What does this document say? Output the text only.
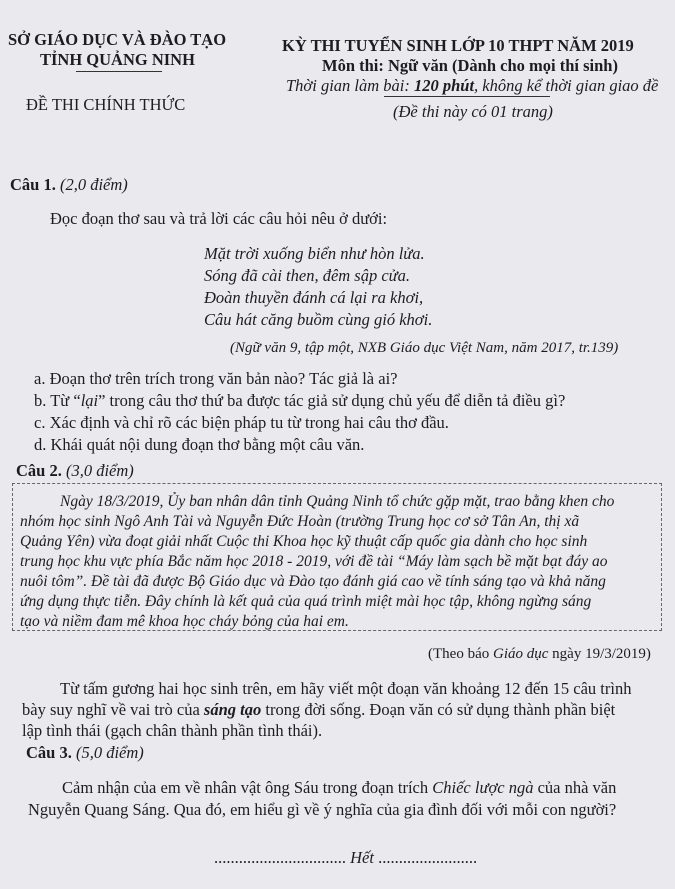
SỞ GIÁO DỤC VÀ ĐÀO TẠO
TỈNH QUẢNG NINH
ĐỀ THI CHÍNH THỨC
KỲ THI TUYỂN SINH LỚP 10 THPT NĂM 2019
Môn thi: Ngữ văn (Dành cho mọi thí sinh)
Thời gian làm bài: 120 phút, không kể thời gian giao đề
(Đề thi này có 01 trang)
Câu 1. (2,0 điểm)
Đọc đoạn thơ sau và trả lời các câu hỏi nêu ở dưới:
Mặt trời xuống biển như hòn lửa.
Sóng đã cài then, đêm sập cửa.
Đoàn thuyền đánh cá lại ra khơi,
Câu hát căng buồm cùng gió khơi.
(Ngữ văn 9, tập một, NXB Giáo dục Việt Nam, năm 2017, tr.139)
a. Đoạn thơ trên trích trong văn bản nào? Tác giả là ai?
b. Từ “lại” trong câu thơ thứ ba được tác giả sử dụng chủ yếu để diễn tả điều gì?
c. Xác định và chỉ rõ các biện pháp tu từ trong hai câu thơ đầu.
d. Khái quát nội dung đoạn thơ bằng một câu văn.
Câu 2. (3,0 điểm)
Ngày 18/3/2019, Ủy ban nhân dân tỉnh Quảng Ninh tổ chức gặp mặt, trao bằng khen cho
nhóm học sinh Ngô Anh Tài và Nguyễn Đức Hoàn (trường Trung học cơ sở Tân An, thị xã
Quảng Yên) vừa đoạt giải nhất Cuộc thi Khoa học kỹ thuật cấp quốc gia dành cho học sinh
trung học khu vực phía Bắc năm học 2018 - 2019, với đề tài “Máy làm sạch bề mặt bạt đáy ao
nuôi tôm”. Đề tài đã được Bộ Giáo dục và Đào tạo đánh giá cao về tính sáng tạo và khả năng
ứng dụng thực tiễn. Đây chính là kết quả của quá trình miệt mài học tập, không ngừng sáng
tạo và niềm đam mê khoa học cháy bỏng của hai em.
(Theo báo Giáo dục ngày 19/3/2019)
Từ tấm gương hai học sinh trên, em hãy viết một đoạn văn khoảng 12 đến 15 câu trình
bày suy nghĩ về vai trò của sáng tạo trong đời sống. Đoạn văn có sử dụng thành phần biệt
lập tình thái (gạch chân thành phần tình thái).
Câu 3. (5,0 điểm)
Cảm nhận của em về nhân vật ông Sáu trong đoạn trích Chiếc lược ngà của nhà văn
Nguyễn Quang Sáng. Qua đó, em hiểu gì về ý nghĩa của gia đình đối với mỗi con người?
................................ Hết ........................
